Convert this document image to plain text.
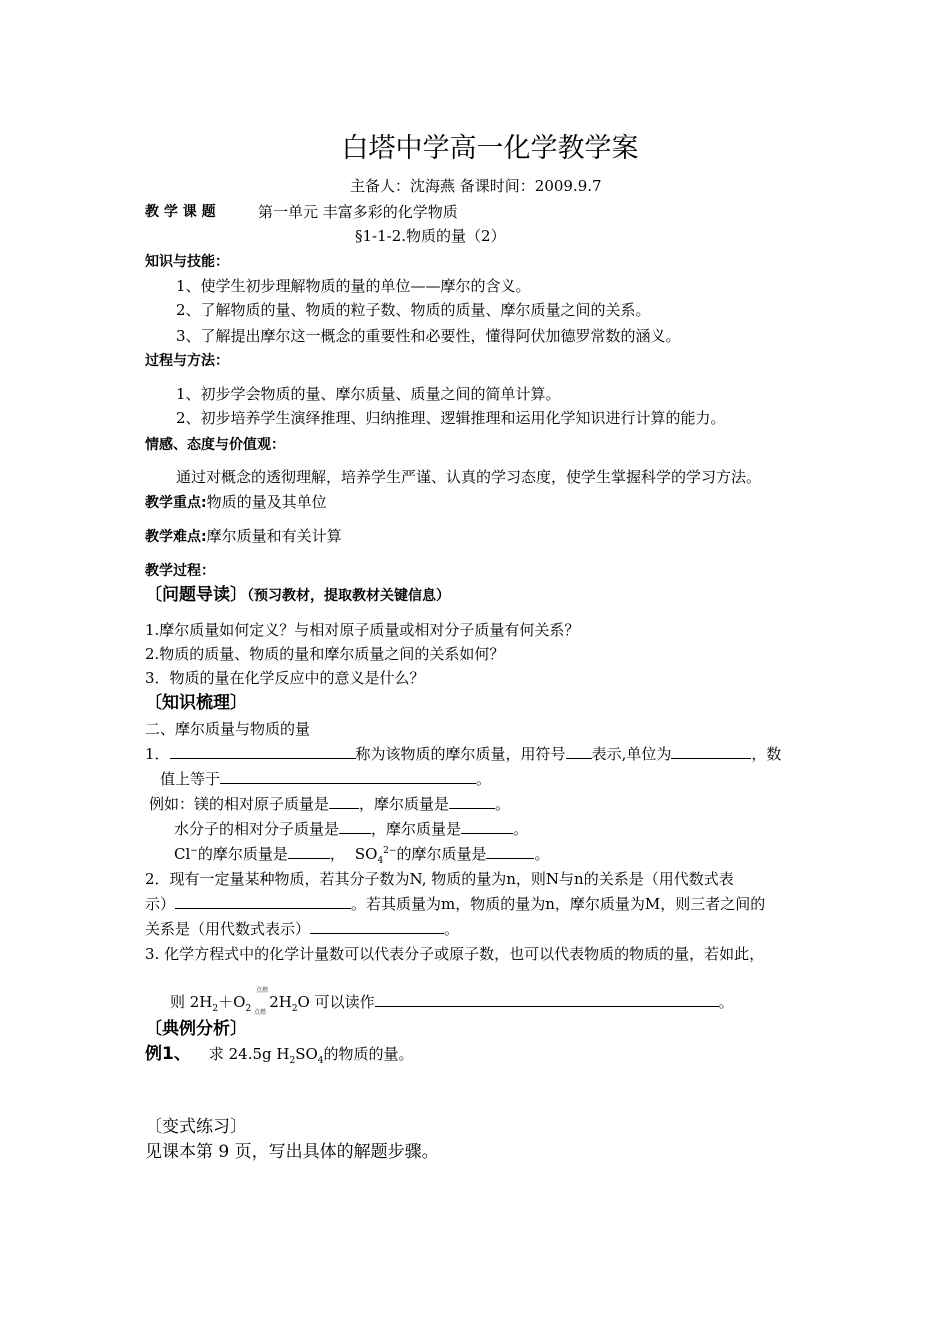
白塔中学高一化学教学案
主备人：沈海燕 备课时间：2009.9.7
教 学 课 题	第一单元 丰富多彩的化学物质
§1-1-2.物质的量（2）
知识与技能：
1、使学生初步理解物质的量的单位——摩尔的含义。
2、了解物质的量、物质的粒子数、物质的质量、摩尔质量之间的关系。
3、了解提出摩尔这一概念的重要性和必要性，懂得阿伏加德罗常数的涵义。
过程与方法：
1、初步学会物质的量、摩尔质量、质量之间的简单计算。
2、初步培养学生演绎推理、归纳推理、逻辑推理和运用化学知识进行计算的能力。
情感、态度与价值观：
通过对概念的透彻理解，培养学生严谨、认真的学习态度，使学生掌握科学的学习方法。
教学重点:物质的量及其单位
教学难点:摩尔质量和有关计算
教学过程：
〔问题导读〕（预习教材，提取教材关键信息）
1.摩尔质量如何定义？与相对原子质量或相对分子质量有何关系？
2.物质的质量、物质的量和摩尔质量之间的关系如何？
3．物质的量在化学反应中的意义是什么？
〔知识梳理〕
二、摩尔质量与物质的量
1．	称为该物质的摩尔质量，用符号 表示,单位为	，数
值上等于	。
例如：镁的相对原子质量是 ，摩尔质量是	。
水分子的相对分子质量是 ，摩尔质量是	。
Cl−的摩尔质量是	， $SO_4^{2-}$的摩尔质量是	。
2．现有一定量某种物质，若其分子数为N, 物质的量为n，则N与n的关系是（用代数式表
示）	。若其质量为m，物质的量为n，摩尔质量为M，则三者之间的
关系是（用代数式表示）	。
3. 化学方程式中的化学计量数可以代表分子或原子数，也可以代表物质的物质的量，若如此，
点燃
点燃
则 $2H_2+O_2$ $2H_2O$ 可以读作	。
〔典例分析〕
例1、 求 24.5g $H_2SO_4$的物质的量。
〔变式练习〕
见课本第 9 页，写出具体的解题步骤。
